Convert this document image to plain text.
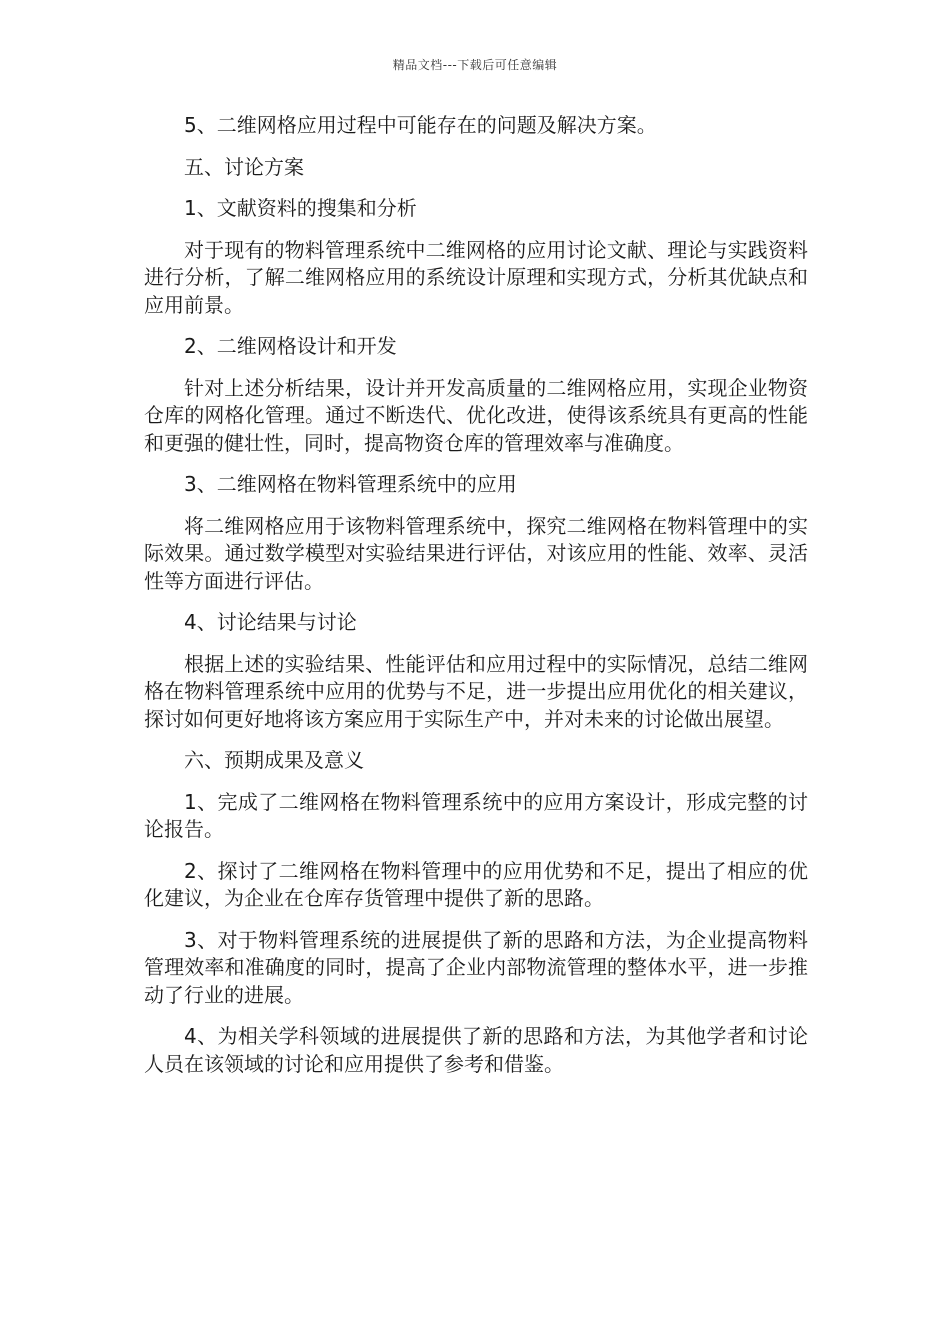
精品文档---下载后可任意编辑

5、二维网格应用过程中可能存在的问题及解决方案。

五、讨论方案

1、文献资料的搜集和分析

对于现有的物料管理系统中二维网格的应用讨论文献、理论与实践资料进行分析，了解二维网格应用的系统设计原理和实现方式，分析其优缺点和应用前景。

2、二维网格设计和开发

针对上述分析结果，设计并开发高质量的二维网格应用，实现企业物资仓库的网格化管理。通过不断迭代、优化改进，使得该系统具有更高的性能和更强的健壮性，同时，提高物资仓库的管理效率与准确度。

3、二维网格在物料管理系统中的应用

将二维网格应用于该物料管理系统中，探究二维网格在物料管理中的实际效果。通过数学模型对实验结果进行评估，对该应用的性能、效率、灵活性等方面进行评估。

4、讨论结果与讨论

根据上述的实验结果、性能评估和应用过程中的实际情况，总结二维网格在物料管理系统中应用的优势与不足，进一步提出应用优化的相关建议，探讨如何更好地将该方案应用于实际生产中，并对未来的讨论做出展望。

六、预期成果及意义

1、完成了二维网格在物料管理系统中的应用方案设计，形成完整的讨论报告。

2、探讨了二维网格在物料管理中的应用优势和不足，提出了相应的优化建议，为企业在仓库存货管理中提供了新的思路。

3、对于物料管理系统的进展提供了新的思路和方法，为企业提高物料管理效率和准确度的同时，提高了企业内部物流管理的整体水平，进一步推动了行业的进展。

4、为相关学科领域的进展提供了新的思路和方法，为其他学者和讨论人员在该领域的讨论和应用提供了参考和借鉴。
